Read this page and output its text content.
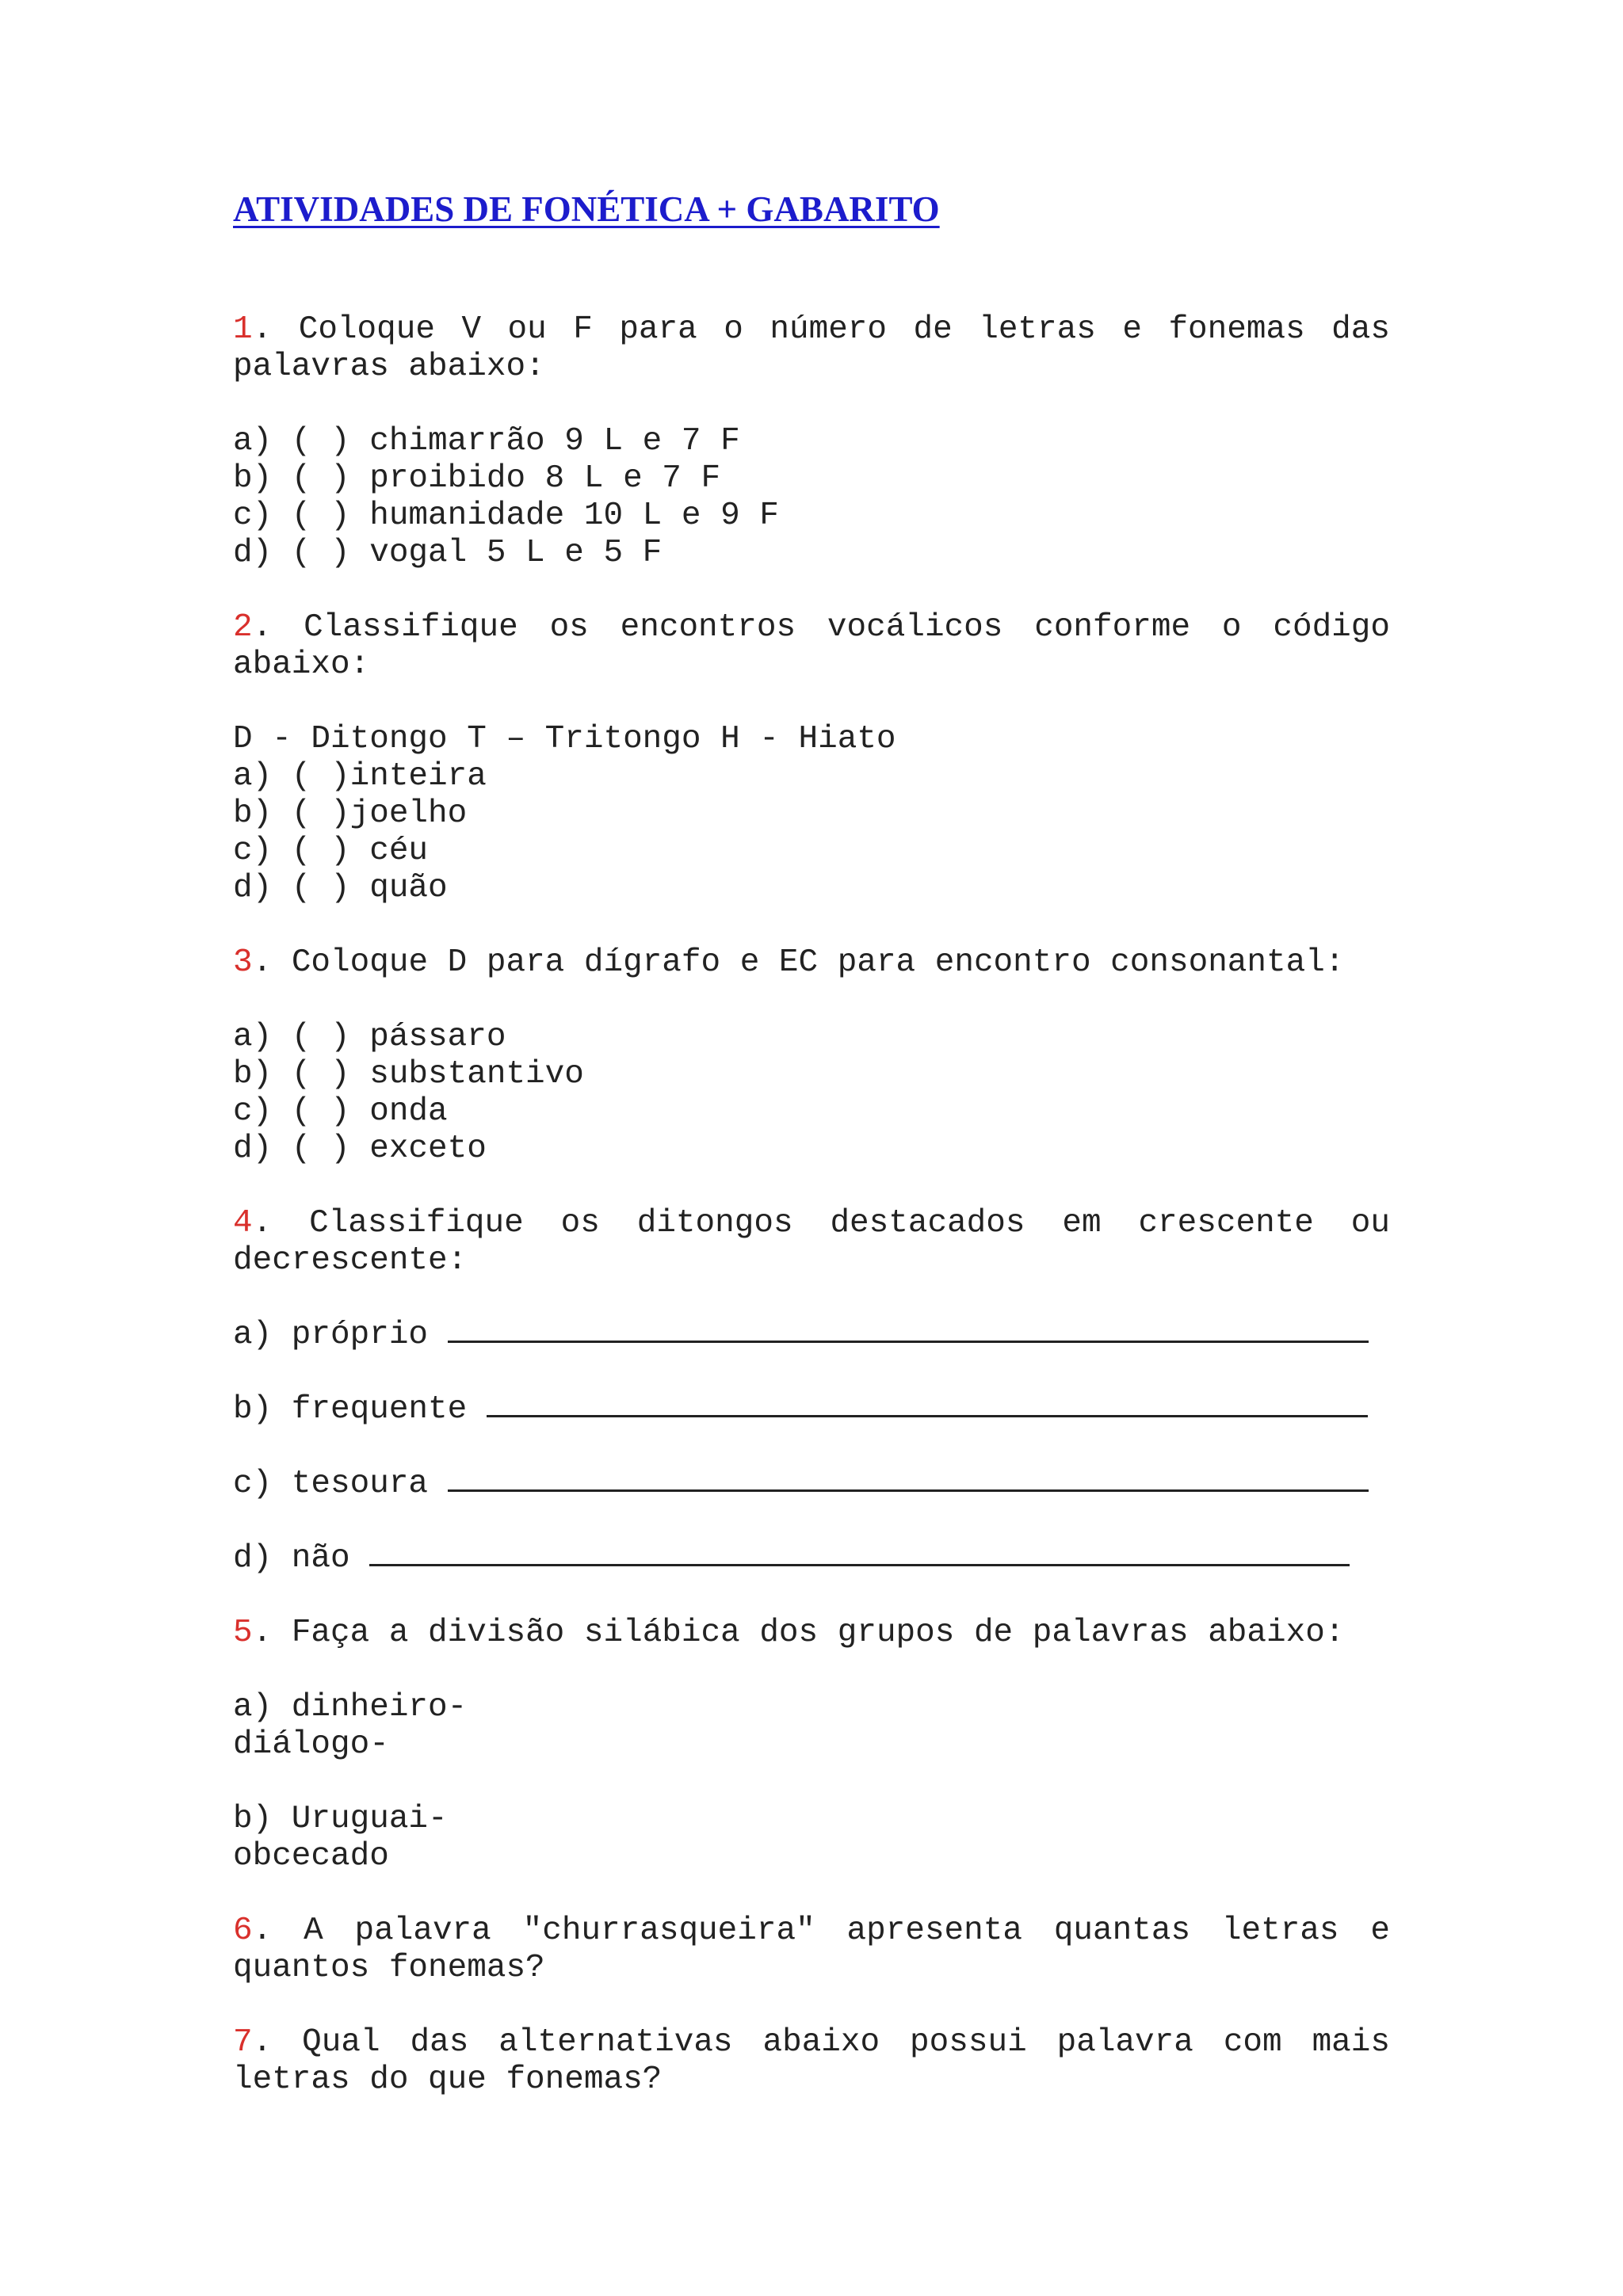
ATIVIDADES DE FONÉTICA + GABARITO
1. Coloque V ou F para o número de letras e fonemas das
palavras abaixo:
a) ( ) chimarrão 9 L e 7 F
b) ( ) proibido 8 L e 7 F
c) ( ) humanidade 10 L e 9 F
d) ( ) vogal 5 L e 5 F
2. Classifique os encontros vocálicos conforme o código
abaixo:
D - Ditongo T – Tritongo H - Hiato
a) ( )inteira
b) ( )joelho
c) ( ) céu
d) ( ) quão
3. Coloque D para dígrafo e EC para encontro consonantal:
a) ( ) pássaro
b) ( ) substantivo
c) ( ) onda
d) ( ) exceto
4. Classifique os ditongos destacados em crescente ou
decrescente:
a) próprio
b) frequente
c) tesoura
d) não
5. Faça a divisão silábica dos grupos de palavras abaixo:
a) dinheiro-
diálogo-
b) Uruguai-
obcecado
6. A palavra "churrasqueira" apresenta quantas letras e
quantos fonemas?
7. Qual das alternativas abaixo possui palavra com mais
letras do que fonemas?
